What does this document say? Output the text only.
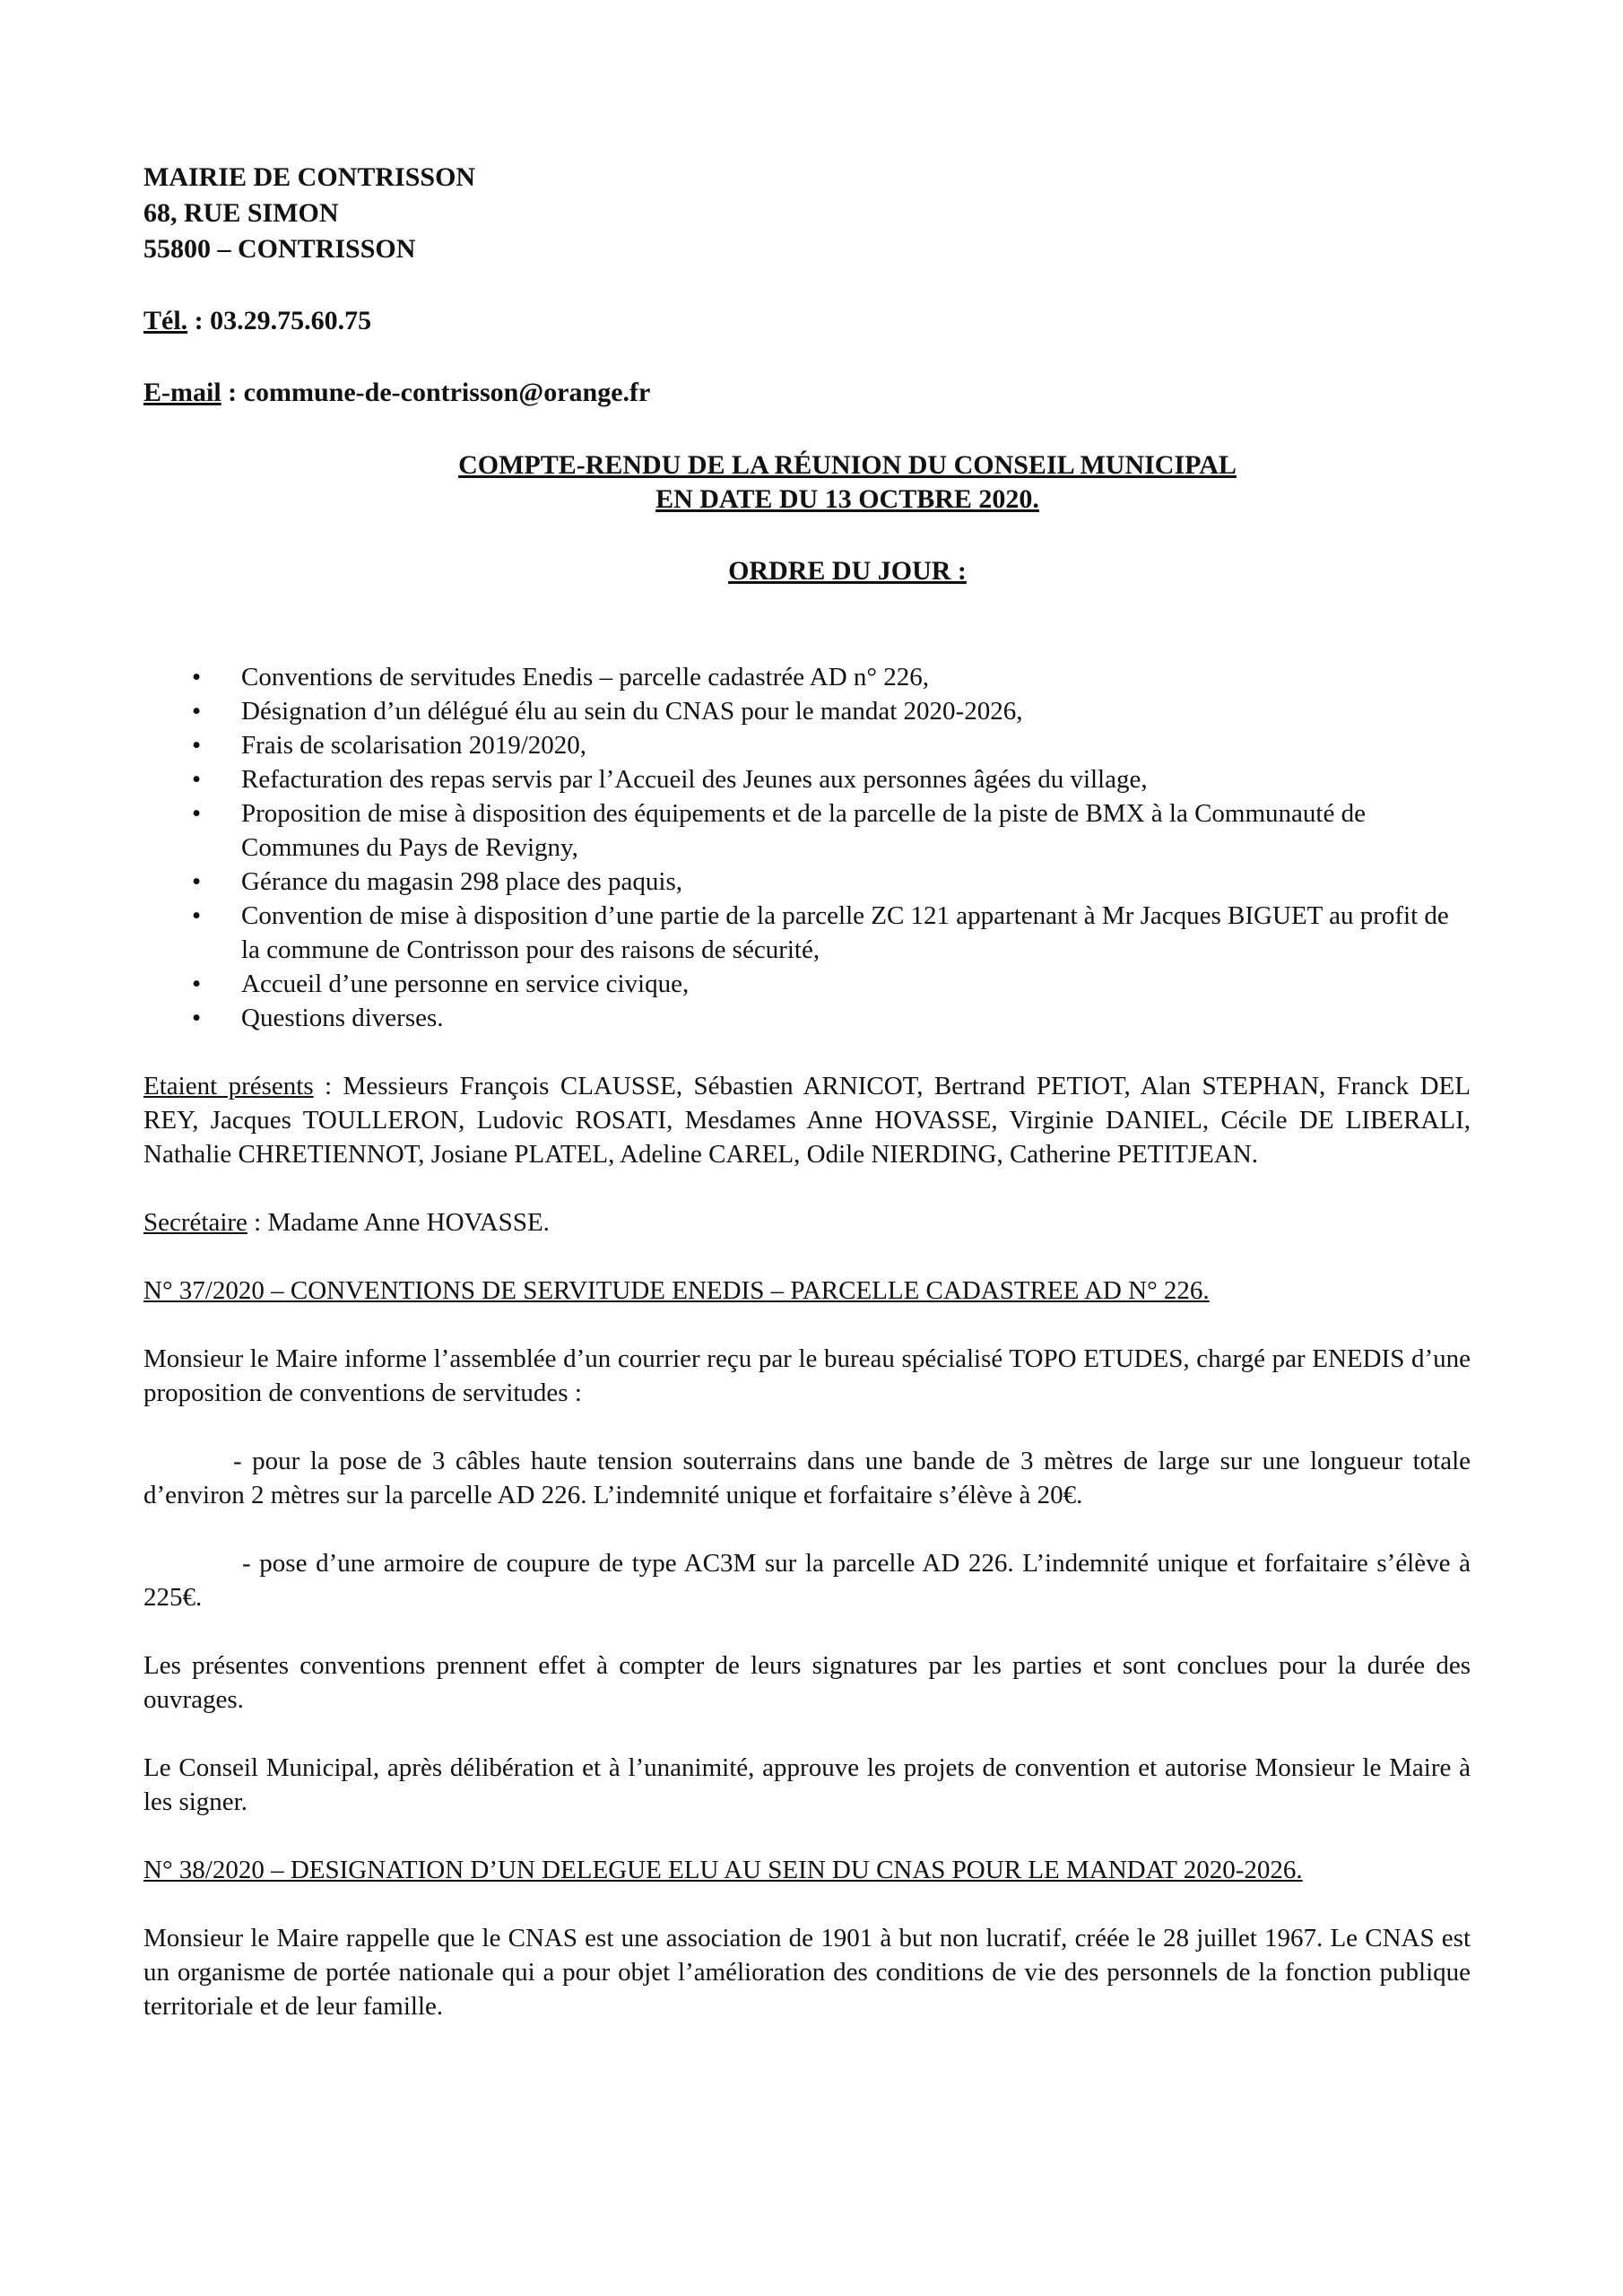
MAIRIE DE CONTRISSON
68, RUE SIMON
55800 – CONTRISSON
Tél. : 03.29.75.60.75
E-mail : commune-de-contrisson@orange.fr
COMPTE-RENDU DE LA RÉUNION DU CONSEIL MUNICIPAL
EN DATE DU 13 OCTBRE 2020.
ORDRE DU JOUR :
• Conventions de servitudes Enedis – parcelle cadastrée AD n° 226,
• Désignation d’un délégué élu au sein du CNAS pour le mandat 2020-2026,
• Frais de scolarisation 2019/2020,
• Refacturation des repas servis par l’Accueil des Jeunes aux personnes âgées du village,
• Proposition de mise à disposition des équipements et de la parcelle de la piste de BMX à la Communauté de Communes du Pays de Revigny,
• Gérance du magasin 298 place des paquis,
• Convention de mise à disposition d’une partie de la parcelle ZC 121 appartenant à Mr Jacques BIGUET au profit de la commune de Contrisson pour des raisons de sécurité,
• Accueil d’une personne en service civique,
• Questions diverses.

Etaient présents : Messieurs François CLAUSSE, Sébastien ARNICOT, Bertrand PETIOT, Alan STEPHAN, Franck DEL REY, Jacques TOULLERON, Ludovic ROSATI, Mesdames Anne HOVASSE, Virginie DANIEL, Cécile DE LIBERALI, Nathalie CHRETIENNOT, Josiane PLATEL, Adeline CAREL, Odile NIERDING, Catherine PETITJEAN.

Secrétaire : Madame Anne HOVASSE.

N° 37/2020 – CONVENTIONS DE SERVITUDE ENEDIS – PARCELLE CADASTREE AD N° 226.

Monsieur le Maire informe l’assemblée d’un courrier reçu par le bureau spécialisé TOPO ETUDES, chargé par ENEDIS d’une proposition de conventions de servitudes :

- pour la pose de 3 câbles haute tension souterrains dans une bande de 3 mètres de large sur une longueur totale d’environ 2 mètres sur la parcelle AD 226. L’indemnité unique et forfaitaire s’élève à 20€.

- pose d’une armoire de coupure de type AC3M sur la parcelle AD 226. L’indemnité unique et forfaitaire s’élève à 225€.

Les présentes conventions prennent effet à compter de leurs signatures par les parties et sont conclues pour la durée des ouvrages.

Le Conseil Municipal, après délibération et à l’unanimité, approuve les projets de convention et autorise Monsieur le Maire à les signer.

N° 38/2020 – DESIGNATION D’UN DELEGUE ELU AU SEIN DU CNAS POUR LE MANDAT 2020-2026.

Monsieur le Maire rappelle que le CNAS est une association de 1901 à but non lucratif, créée le 28 juillet 1967. Le CNAS est un organisme de portée nationale qui a pour objet l’amélioration des conditions de vie des personnels de la fonction publique territoriale et de leur famille.
